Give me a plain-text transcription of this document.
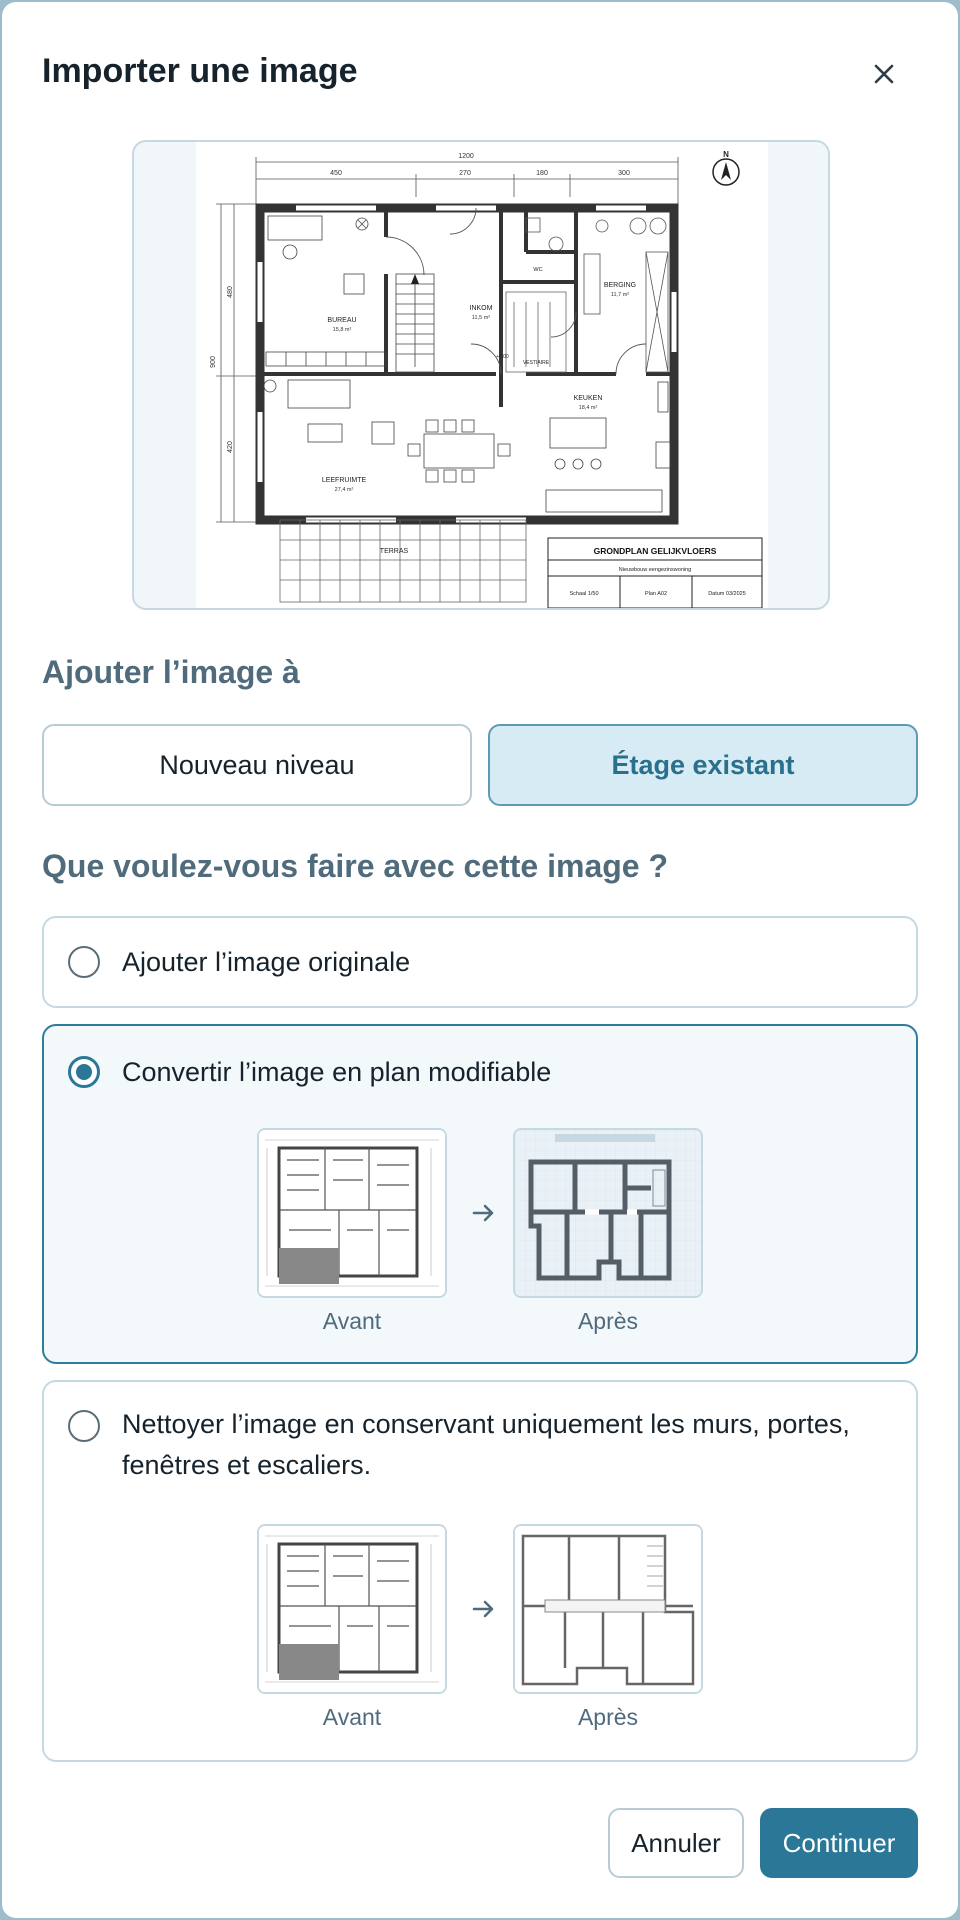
Importer une image
1200
450	270	180	300
480
420
900
N
BUREAU
15,8 m²
INKOM
11,5 m²
BERGING
11,7 m²
KEUKEN
18,4 m²
LEEFRUIMTE
27,4 m²
TERRAS
WC
VESTIAIRE
+0,00
GRONDPLAN GELIJKVLOERS
Nieuwbouw eengezinswoning
Schaal 1/50	Plan A02	Datum 03/2025
Ajouter l’image à
Nouveau niveau	Étage existant
Que voulez-vous faire avec cette image ?
Ajouter l’image originale
Convertir l’image en plan modifiable
Avant	Après
Nettoyer l’image en conservant uniquement les murs, portes, fenêtres et escaliers.
Avant	Après
Annuler	Continuer
